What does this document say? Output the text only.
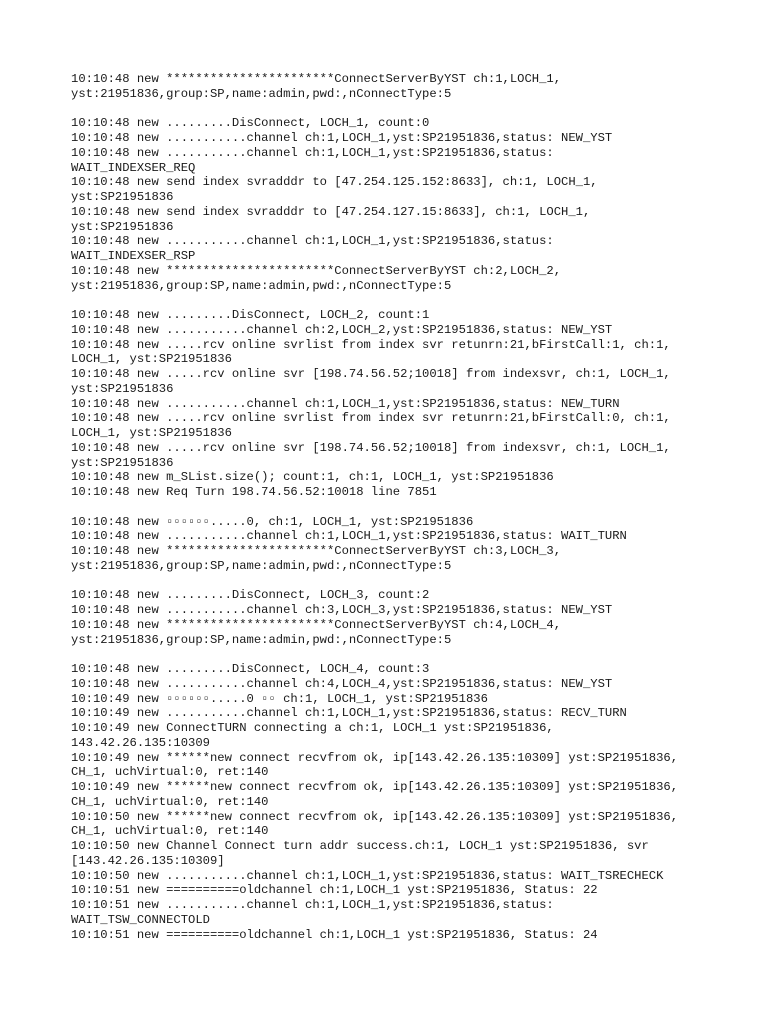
10:10:48 new ***********************ConnectServerByYST ch:1,LOCH_1,
yst:21951836,group:SP,name:admin,pwd:,nConnectType:5
10:10:48 new .........DisConnect, LOCH_1, count:0
10:10:48 new ...........channel ch:1,LOCH_1,yst:SP21951836,status: NEW_YST
10:10:48 new ...........channel ch:1,LOCH_1,yst:SP21951836,status:
WAIT_INDEXSER_REQ
10:10:48 new send index svradddr to [47.254.125.152:8633], ch:1, LOCH_1,
yst:SP21951836
10:10:48 new send index svradddr to [47.254.127.15:8633], ch:1, LOCH_1,
yst:SP21951836
10:10:48 new ...........channel ch:1,LOCH_1,yst:SP21951836,status:
WAIT_INDEXSER_RSP
10:10:48 new ***********************ConnectServerByYST ch:2,LOCH_2,
yst:21951836,group:SP,name:admin,pwd:,nConnectType:5
10:10:48 new .........DisConnect, LOCH_2, count:1
10:10:48 new ...........channel ch:2,LOCH_2,yst:SP21951836,status: NEW_YST
10:10:48 new .....rcv online svrlist from index svr retunrn:21,bFirstCall:1, ch:1,
LOCH_1, yst:SP21951836
10:10:48 new .....rcv online svr [198.74.56.52;10018] from indexsvr, ch:1, LOCH_1,
yst:SP21951836
10:10:48 new ...........channel ch:1,LOCH_1,yst:SP21951836,status: NEW_TURN
10:10:48 new .....rcv online svrlist from index svr retunrn:21,bFirstCall:0, ch:1,
LOCH_1, yst:SP21951836
10:10:48 new .....rcv online svr [198.74.56.52;10018] from indexsvr, ch:1, LOCH_1,
yst:SP21951836
10:10:48 new m_SList.size(); count:1, ch:1, LOCH_1, yst:SP21951836
10:10:48 new Req Turn 198.74.56.52:10018 line 7851
10:10:48 new ▫▫▫▫▫▫.....0, ch:1, LOCH_1, yst:SP21951836
10:10:48 new ...........channel ch:1,LOCH_1,yst:SP21951836,status: WAIT_TURN
10:10:48 new ***********************ConnectServerByYST ch:3,LOCH_3,
yst:21951836,group:SP,name:admin,pwd:,nConnectType:5
10:10:48 new .........DisConnect, LOCH_3, count:2
10:10:48 new ...........channel ch:3,LOCH_3,yst:SP21951836,status: NEW_YST
10:10:48 new ***********************ConnectServerByYST ch:4,LOCH_4,
yst:21951836,group:SP,name:admin,pwd:,nConnectType:5
10:10:48 new .........DisConnect, LOCH_4, count:3
10:10:48 new ...........channel ch:4,LOCH_4,yst:SP21951836,status: NEW_YST
10:10:49 new ▫▫▫▫▫▫.....0 ▫▫ ch:1, LOCH_1, yst:SP21951836
10:10:49 new ...........channel ch:1,LOCH_1,yst:SP21951836,status: RECV_TURN
10:10:49 new ConnectTURN connecting a ch:1, LOCH_1 yst:SP21951836,
143.42.26.135:10309
10:10:49 new ******new connect recvfrom ok, ip[143.42.26.135:10309] yst:SP21951836,
CH_1, uchVirtual:0, ret:140
10:10:49 new ******new connect recvfrom ok, ip[143.42.26.135:10309] yst:SP21951836,
CH_1, uchVirtual:0, ret:140
10:10:50 new ******new connect recvfrom ok, ip[143.42.26.135:10309] yst:SP21951836,
CH_1, uchVirtual:0, ret:140
10:10:50 new Channel Connect turn addr success.ch:1, LOCH_1 yst:SP21951836, svr
[143.42.26.135:10309]
10:10:50 new ...........channel ch:1,LOCH_1,yst:SP21951836,status: WAIT_TSRECHECK
10:10:51 new ==========oldchannel ch:1,LOCH_1 yst:SP21951836, Status: 22
10:10:51 new ...........channel ch:1,LOCH_1,yst:SP21951836,status:
WAIT_TSW_CONNECTOLD
10:10:51 new ==========oldchannel ch:1,LOCH_1 yst:SP21951836, Status: 24
